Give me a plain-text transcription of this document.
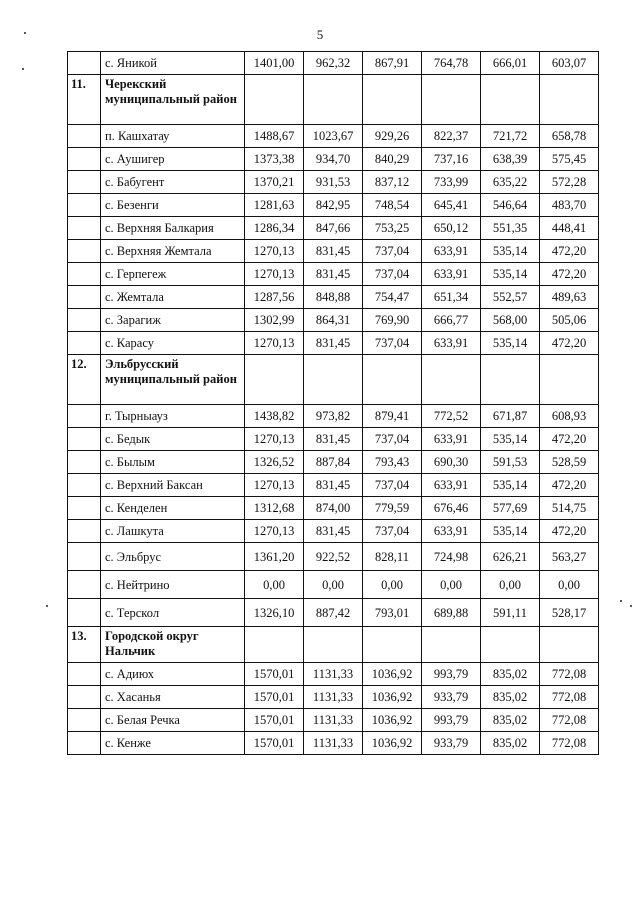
5
	с. Яникой	1401,00	962,32	867,91	764,78	666,01	603,07
11.	Черекский муниципальный район						
	п. Кашхатау	1488,67	1023,67	929,26	822,37	721,72	658,78
	с. Аушигер	1373,38	934,70	840,29	737,16	638,39	575,45
	с. Бабугент	1370,21	931,53	837,12	733,99	635,22	572,28
	с. Безенги	1281,63	842,95	748,54	645,41	546,64	483,70
	с. Верхняя Балкария	1286,34	847,66	753,25	650,12	551,35	448,41
	с. Верхняя Жемтала	1270,13	831,45	737,04	633,91	535,14	472,20
	с. Герпегеж	1270,13	831,45	737,04	633,91	535,14	472,20
	с. Жемтала	1287,56	848,88	754,47	651,34	552,57	489,63
	с. Зарагиж	1302,99	864,31	769,90	666,77	568,00	505,06
	с. Карасу	1270,13	831,45	737,04	633,91	535,14	472,20
12.	Эльбрусский муниципальный район						
	г. Тырныауз	1438,82	973,82	879,41	772,52	671,87	608,93
	с. Бедык	1270,13	831,45	737,04	633,91	535,14	472,20
	с. Былым	1326,52	887,84	793,43	690,30	591,53	528,59
	с. Верхний Баксан	1270,13	831,45	737,04	633,91	535,14	472,20
	с. Кенделен	1312,68	874,00	779,59	676,46	577,69	514,75
	с. Лашкута	1270,13	831,45	737,04	633,91	535,14	472,20
	с. Эльбрус	1361,20	922,52	828,11	724,98	626,21	563,27
	с. Нейтрино	0,00	0,00	0,00	0,00	0,00	0,00
	с. Терскол	1326,10	887,42	793,01	689,88	591,11	528,17
13.	Городской округ Нальчик						
	с. Адиюх	1570,01	1131,33	1036,92	993,79	835,02	772,08
	с. Хасанья	1570,01	1131,33	1036,92	933,79	835,02	772,08
	с. Белая Речка	1570,01	1131,33	1036,92	993,79	835,02	772,08
	с. Кенже	1570,01	1131,33	1036,92	933,79	835,02	772,08
